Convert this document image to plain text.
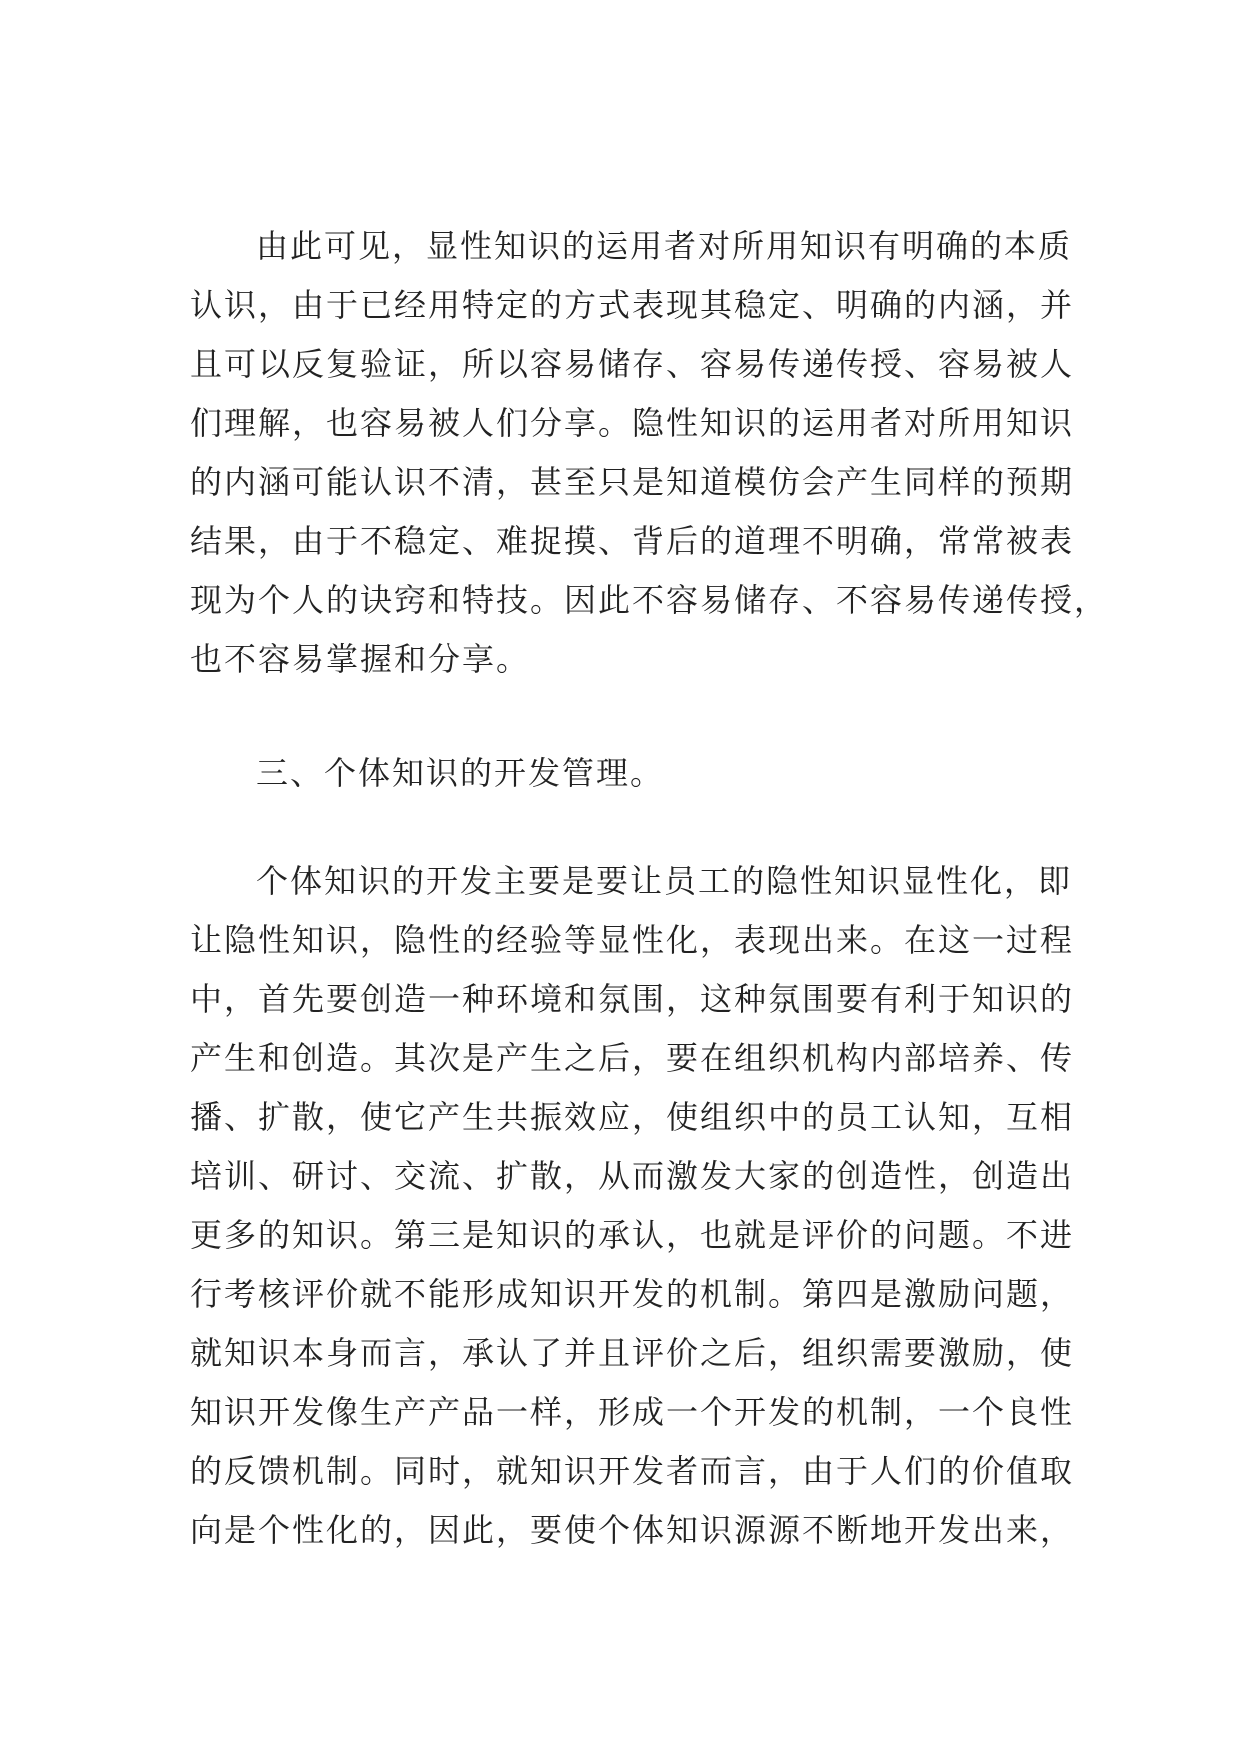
由此可见，显性知识的运用者对所用知识有明确的本质
认识，由于已经用特定的方式表现其稳定、明确的内涵，并
且可以反复验证，所以容易储存、容易传递传授、容易被人
们理解，也容易被人们分享。隐性知识的运用者对所用知识
的内涵可能认识不清，甚至只是知道模仿会产生同样的预期
结果，由于不稳定、难捉摸、背后的道理不明确，常常被表
现为个人的诀窍和特技。因此不容易储存、不容易传递传授，
也不容易掌握和分享。
三、个体知识的开发管理。
个体知识的开发主要是要让员工的隐性知识显性化，即
让隐性知识，隐性的经验等显性化，表现出来。在这一过程
中，首先要创造一种环境和氛围，这种氛围要有利于知识的
产生和创造。其次是产生之后，要在组织机构内部培养、传
播、扩散，使它产生共振效应，使组织中的员工认知，互相
培训、研讨、交流、扩散，从而激发大家的创造性，创造出
更多的知识。第三是知识的承认，也就是评价的问题。不进
行考核评价就不能形成知识开发的机制。第四是激励问题，
就知识本身而言，承认了并且评价之后，组织需要激励，使
知识开发像生产产品一样，形成一个开发的机制，一个良性
的反馈机制。同时，就知识开发者而言，由于人们的价值取
向是个性化的，因此，要使个体知识源源不断地开发出来，
